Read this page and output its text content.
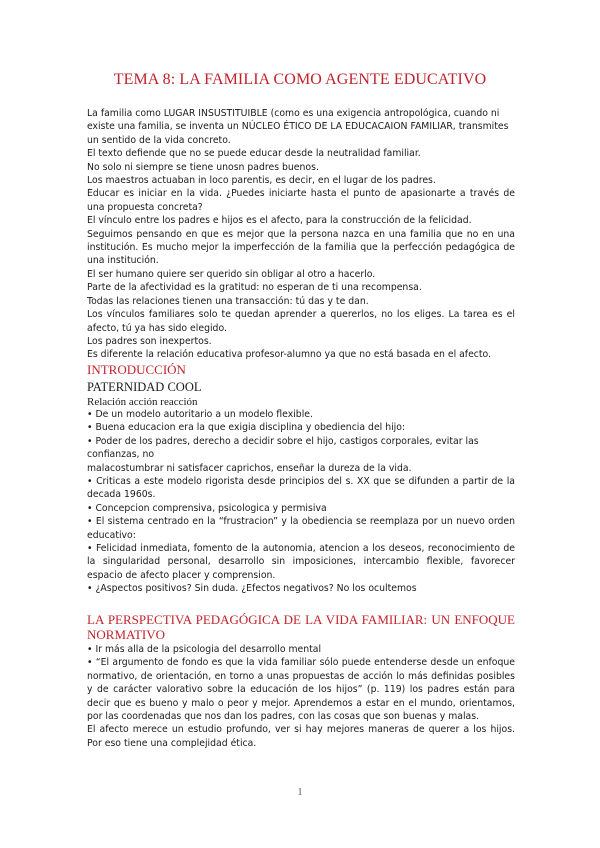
TEMA 8: LA FAMILIA COMO AGENTE EDUCATIVO

La familia como LUGAR INSUSTITUIBLE (como es una exigencia antropológica, cuando ni existe una familia, se inventa un NÚCLEO ÉTICO DE LA EDUCACAION FAMILIAR, transmites un sentido de la vida concreto.

El texto defiende que no se puede educar desde la neutralidad familiar.

No solo ni siempre se tiene unosn padres buenos.

Los maestros actuaban in loco parentis, es decir, en el lugar de los padres.

Educar es iniciar en la vida. ¿Puedes iniciarte hasta el punto de apasionarte a través de una propuesta concreta?

El vínculo entre los padres e hijos es el afecto, para la construcción de la felicidad.

Seguimos pensando en que es mejor que la persona nazca en una familia que no en una institución. Es mucho mejor la imperfección de la familia que la perfección pedagógica de una institución.

El ser humano quiere ser querido sin obligar al otro a hacerlo.

Parte de la afectividad es la gratitud: no esperan de ti una recompensa.

Todas las relaciones tienen una transacción: tú das y te dan.

Los vínculos familiares solo te quedan aprender a quererlos, no los eliges. La tarea es el afecto, tú ya has sido elegido.

Los padres son inexpertos.

Es diferente la relación educativa profesor-alumno ya que no está basada en el afecto.

INTRODUCCIÓN
PATERNIDAD COOL
Relación acción reacción

• De un modelo autoritario a un modelo flexible.

• Buena educacion era la que exigia disciplina y obediencia del hijo:

• Poder de los padres, derecho a decidir sobre el hijo, castigos corporales, evitar las confianzas, no

malacostumbrar ni satisfacer caprichos, enseñar la dureza de la vida.

• Criticas a este modelo rigorista desde principios del s. XX que se difunden a partir de la decada 1960s.

• Concepcion comprensiva, psicologica y permisiva

• El sistema centrado en la “frustracion” y la obediencia se reemplaza por un nuevo orden educativo:

• Felicidad inmediata, fomento de la autonomia, atencion a los deseos, reconocimiento de la singularidad personal, desarrollo sin imposiciones, intercambio flexible, favorecer espacio de afecto placer y comprension.

• ¿Aspectos positivos? Sin duda. ¿Efectos negativos? No los ocultemos

LA PERSPECTIVA PEDAGÓGICA DE LA VIDA FAMILIAR: UN ENFOQUE NORMATIVO

• Ir más alla de la psicologia del desarrollo mental

• “El argumento de fondo es que la vida familiar sólo puede entenderse desde un enfoque normativo, de orientación, en torno a unas propuestas de acción lo más definidas posibles y de carácter valorativo sobre la educación de los hijos” (p. 119) los padres están para decir que es bueno y malo o peor y mejor. Aprendemos a estar en el mundo, orientamos, por las coordenadas que nos dan los padres, con las cosas que son buenas y malas.

El afecto merece un estudio profundo, ver si hay mejores maneras de querer a los hijos. Por eso tiene una complejidad ética.

1
